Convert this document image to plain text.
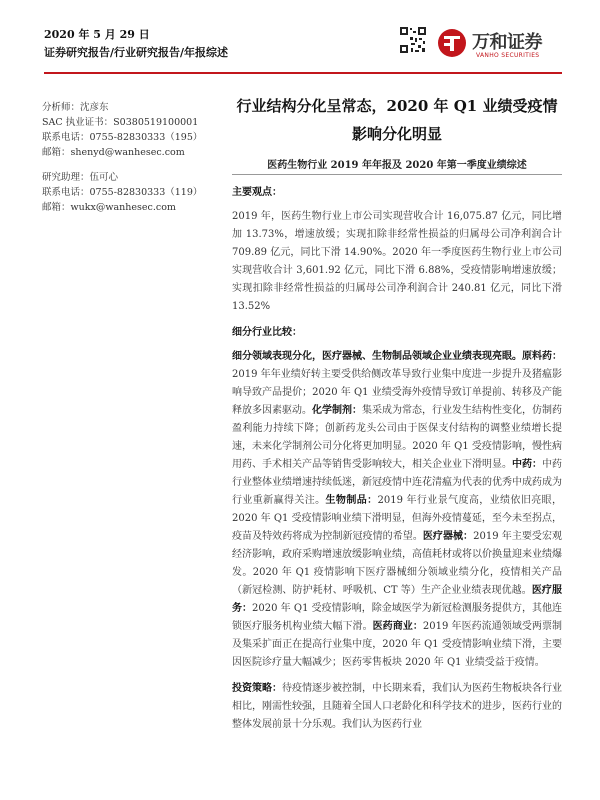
2020 年 5 月 29 日
证券研究报告/行业研究报告/年报综述	万和证券
VANHO SECURITIES
分析师：沈彦东
SAC 执业证书：S0380519100001
联系电话：0755-82830333（195）
邮箱：shenyd@wanhesec.com
研究助理：伍可心
联系电话：0755-82830333（119）
邮箱：wukx@wanhesec.com
行业结构分化呈常态，2020 年 Q1 业绩受疫情
影响分化明显
医药生物行业 2019 年年报及 2020 年第一季度业绩综述
主要观点：

2019 年，医药生物行业上市公司实现营收合计 16,075.87 亿元，同比增加 13.73%，增速放缓；实现扣除非经常性损益的归属母公司净利润合计 709.89 亿元，同比下滑 14.90%。2020 年一季度医药生物行业上市公司实现营收合计 3,601.92 亿元，同比下滑 6.88%，受疫情影响增速放缓；实现扣除非经常性损益的归属母公司净利润合计 240.81 亿元，同比下滑 13.52%

细分行业比较：

细分领域表现分化，医疗器械、生物制品领域企业业绩表现亮眼。原料药：2019 年年业绩好转主要受供给侧改革导致行业集中度进一步提升及猪瘟影响导致产品提价；2020 年 Q1 业绩受海外疫情导致订单提前、转移及产能释放多因素驱动。化学制剂：集采成为常态，行业发生结构性变化，仿制药盈利能力持续下降；创新药龙头公司由于医保支付结构的调整业绩增长提速，未来化学制剂公司分化将更加明显。2020 年 Q1 受疫情影响，慢性病用药、手术相关产品等销售受影响较大，相关企业业下滑明显。中药：中药行业整体业绩增速持续低迷，新冠疫情中连花清瘟为代表的优秀中成药成为行业重新赢得关注。生物制品：2019 年行业景气度高，业绩依旧亮眼，2020 年 Q1 受疫情影响业绩下滑明显，但海外疫情蔓延，至今未至拐点，疫苗及特效药将成为控制新冠疫情的希望。医疗器械：2019 年主要受宏观经济影响，政府采购增速放缓影响业绩，高值耗材或将以价换量迎来业绩爆发。2020 年 Q1 疫情影响下医疗器械细分领域业绩分化，疫情相关产品（新冠检测、防护耗材、呼吸机、CT 等）生产企业业绩表现优越。医疗服务：2020 年 Q1 受疫情影响，除金域医学为新冠检测服务提供方，其他连锁医疗服务机构业绩大幅下滑。医药商业：2019 年医药流通领域受两票制及集采扩面正在提高行业集中度，2020 年 Q1 受疫情影响业绩下滑，主要因医院诊疗量大幅减少；医药零售板块 2020 年 Q1 业绩受益于疫情。

投资策略：待疫情逐步被控制，中长期来看，我们认为医药生物板块各行业相比，刚需性较强，且随着全国人口老龄化和科学技术的进步，医药行业的整体发展前景十分乐观。我们认为医药行业
